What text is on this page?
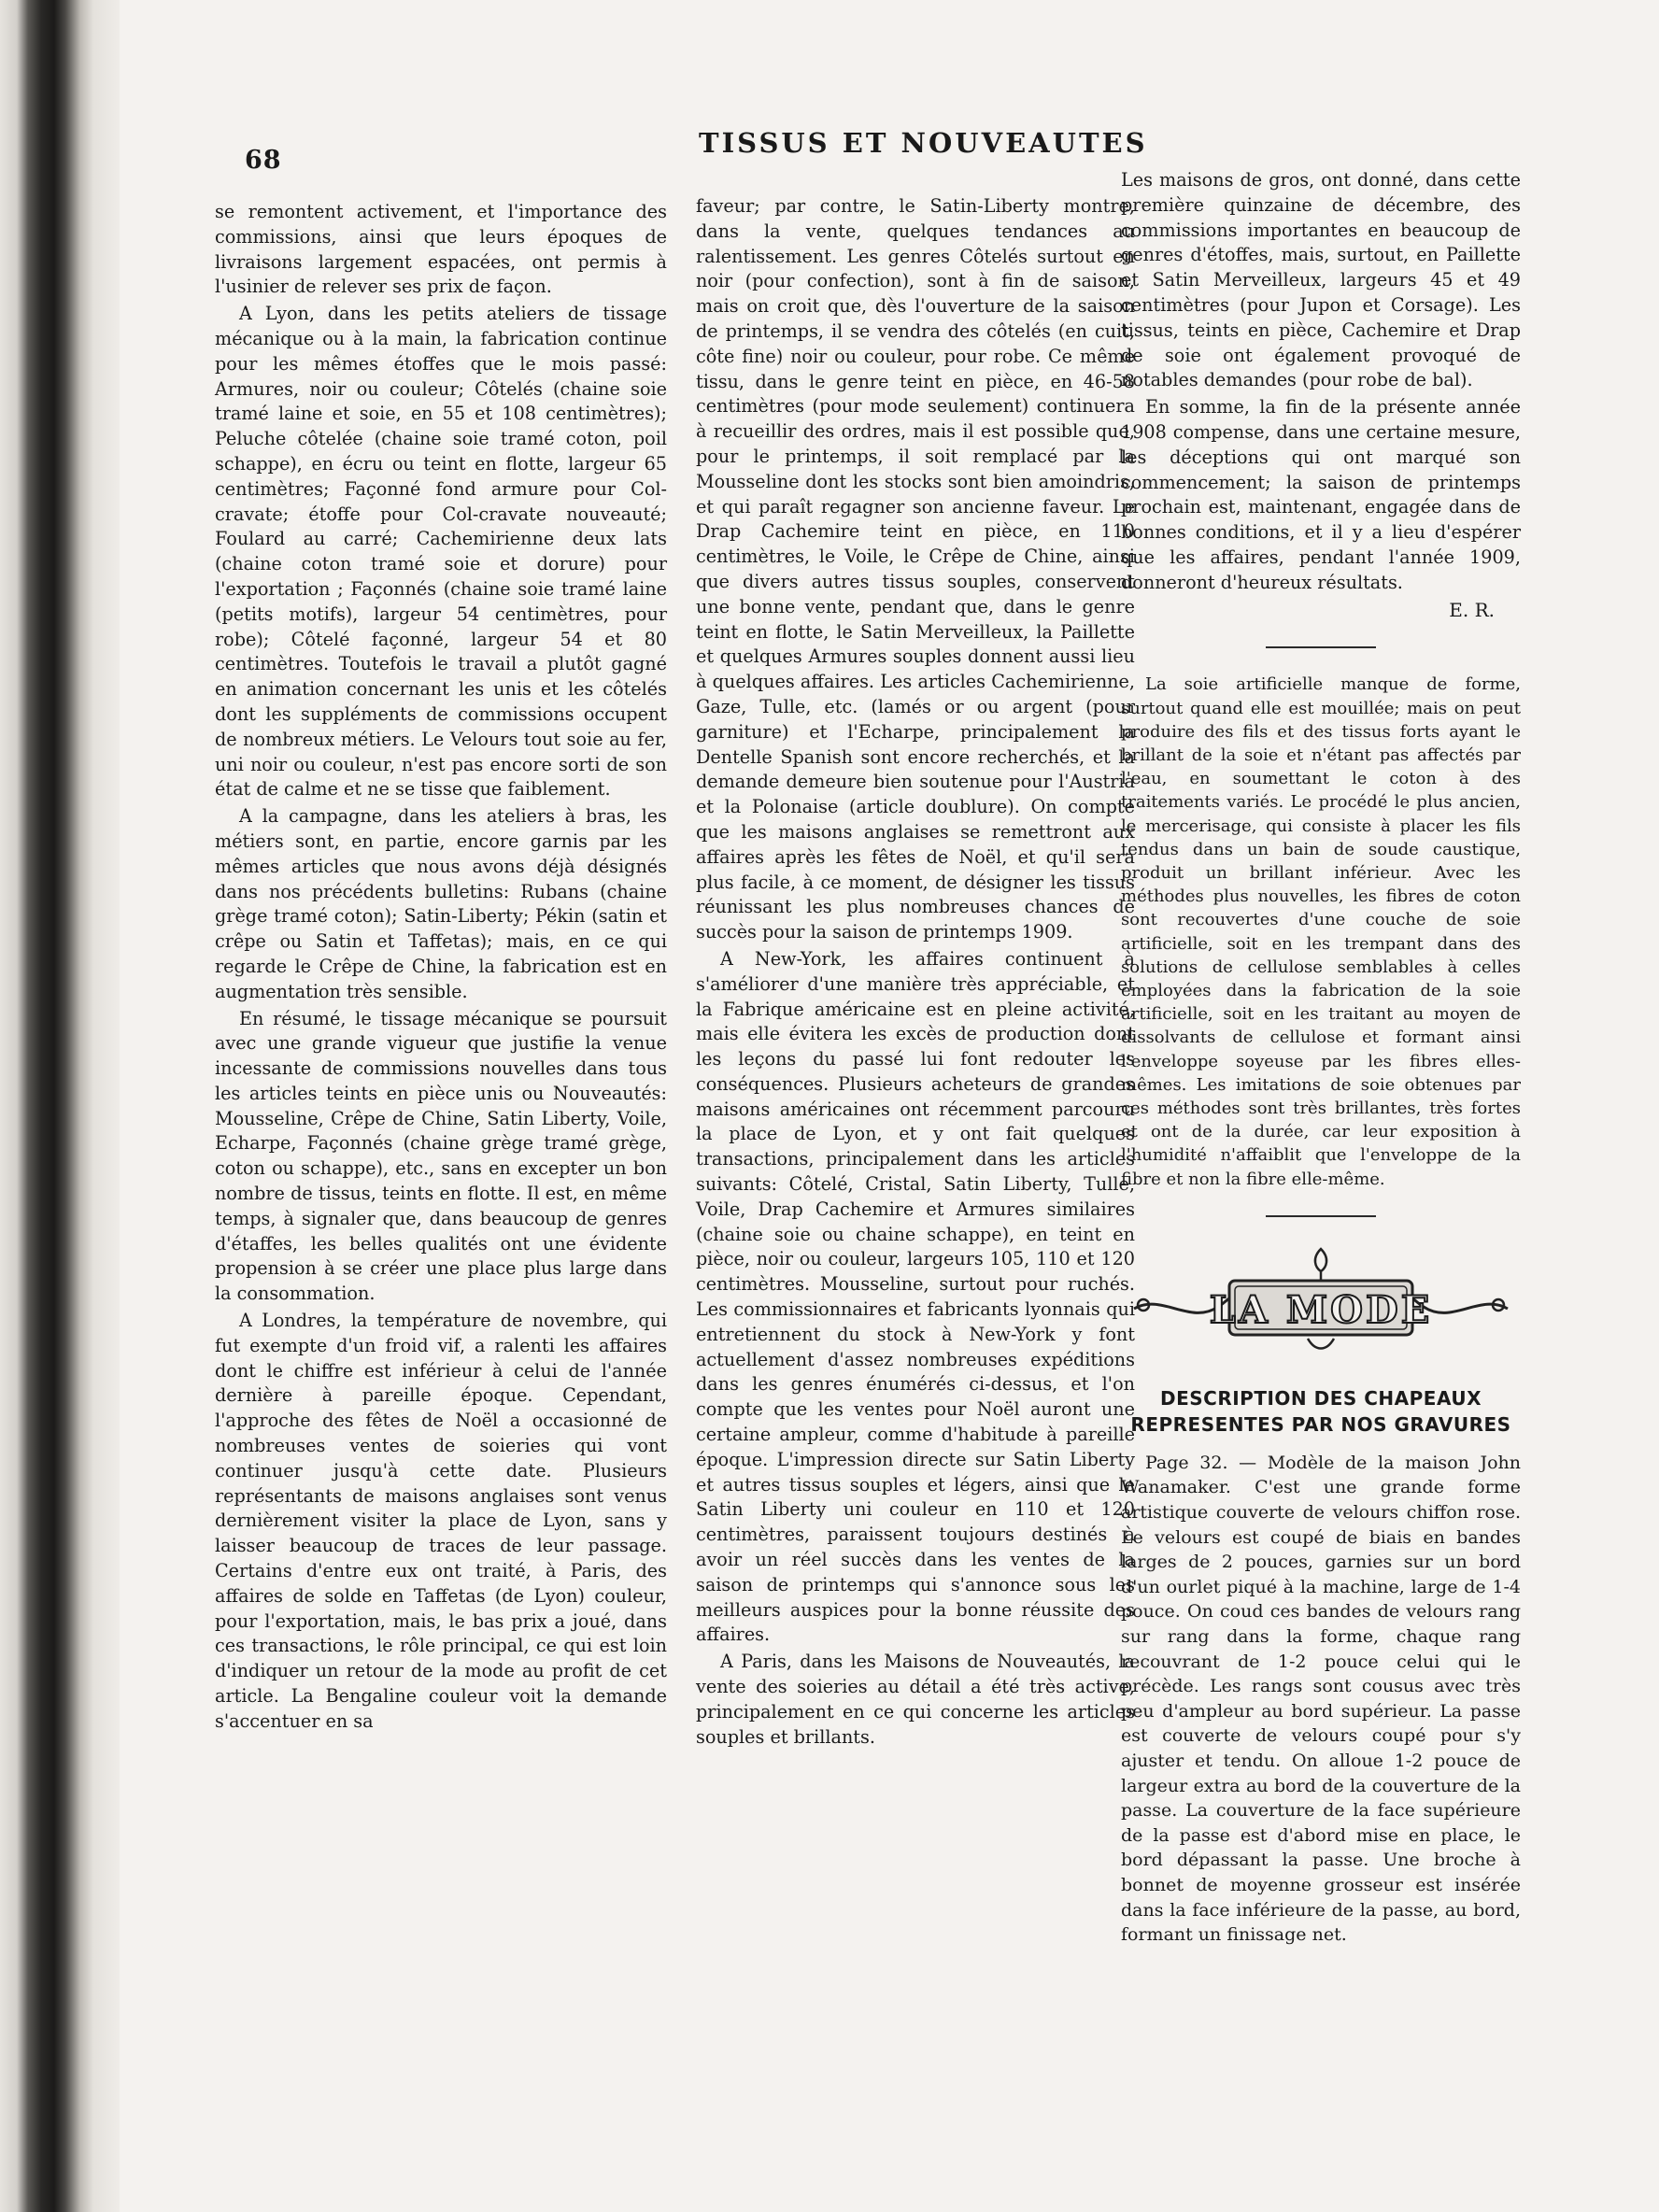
68
TISSUS ET NOUVEAUTES

se remontent activement, et l'importance des commissions, ainsi que leurs époques de livraisons largement espacées, ont permis à l'usinier de relever ses prix de façon.

A Lyon, dans les petits ateliers de tissage mécanique ou à la main, la fabrication continue pour les mêmes étoffes que le mois passé: Armures, noir ou couleur; Côtelés (chaine soie tramé laine et soie, en 55 et 108 centimètres); Peluche côtelée (chaine soie tramé coton, poil schappe), en écru ou teint en flotte, largeur 65 centimètres; Façonné fond armure pour Col-cravate; étoffe pour Col-cravate nouveauté; Foulard au carré; Cachemirienne deux lats (chaine coton tramé soie et dorure) pour l'exportation ; Façonnés (chaine soie tramé laine (petits motifs), largeur 54 centimètres, pour robe); Côtelé façonné, largeur 54 et 80 centimètres. Toutefois le travail a plutôt gagné en animation concernant les unis et les côtelés dont les suppléments de commissions occupent de nombreux métiers. Le Velours tout soie au fer, uni noir ou couleur, n'est pas encore sorti de son état de calme et ne se tisse que faiblement.

A la campagne, dans les ateliers à bras, les métiers sont, en partie, encore garnis par les mêmes articles que nous avons déjà désignés dans nos précédents bulletins: Rubans (chaine grège tramé coton); Satin-Liberty; Pékin (satin et crêpe ou Satin et Taffetas); mais, en ce qui regarde le Crêpe de Chine, la fabrication est en augmentation très sensible.

En résumé, le tissage mécanique se poursuit avec une grande vigueur que justifie la venue incessante de commissions nouvelles dans tous les articles teints en pièce unis ou Nouveautés: Mousseline, Crêpe de Chine, Satin Liberty, Voile, Echarpe, Façonnés (chaine grège tramé grège, coton ou schappe), etc., sans en excepter un bon nombre de tissus, teints en flotte. Il est, en même temps, à signaler que, dans beaucoup de genres d'étaffes, les belles qualités ont une évidente propension à se créer une place plus large dans la consommation.

A Londres, la température de novembre, qui fut exempte d'un froid vif, a ralenti les affaires dont le chiffre est inférieur à celui de l'année dernière à pareille époque. Cependant, l'approche des fêtes de Noël a occasionné de nombreuses ventes de soieries qui vont continuer jusqu'à cette date. Plusieurs représentants de maisons anglaises sont venus dernièrement visiter la place de Lyon, sans y laisser beaucoup de traces de leur passage. Certains d'entre eux ont traité, à Paris, des affaires de solde en Taffetas (de Lyon) couleur, pour l'exportation, mais, le bas prix a joué, dans ces transactions, le rôle principal, ce qui est loin d'indiquer un retour de la mode au profit de cet article. La Bengaline couleur voit la demande s'accentuer en sa

faveur; par contre, le Satin-Liberty montre, dans la vente, quelques tendances au ralentissement. Les genres Côtelés surtout en noir (pour confection), sont à fin de saison, mais on croit que, dès l'ouverture de la saison de printemps, il se vendra des côtelés (en cuit, côte fine) noir ou couleur, pour robe. Ce même tissu, dans le genre teint en pièce, en 46-58 centimètres (pour mode seulement) continuera à recueillir des ordres, mais il est possible que, pour le printemps, il soit remplacé par la Mousseline dont les stocks sont bien amoindris, et qui paraît regagner son ancienne faveur. Le Drap Cachemire teint en pièce, en 110 centimètres, le Voile, le Crêpe de Chine, ainsi que divers autres tissus souples, conservent une bonne vente, pendant que, dans le genre teint en flotte, le Satin Merveilleux, la Paillette et quelques Armures souples donnent aussi lieu à quelques affaires. Les articles Cachemirienne, Gaze, Tulle, etc. (lamés or ou argent (pour garniture) et l'Echarpe, principalement la Dentelle Spanish sont encore recherchés, et la demande demeure bien soutenue pour l'Austria et la Polonaise (article doublure). On compte que les maisons anglaises se remettront aux affaires après les fêtes de Noël, et qu'il sera plus facile, à ce moment, de désigner les tissus réunissant les plus nombreuses chances de succès pour la saison de printemps 1909.

A New-York, les affaires continuent à s'améliorer d'une manière très appréciable, et la Fabrique américaine est en pleine activité, mais elle évitera les excès de production dont les leçons du passé lui font redouter les conséquences. Plusieurs acheteurs de grandes maisons américaines ont récemment parcouru la place de Lyon, et y ont fait quelques transactions, principalement dans les articles suivants: Côtelé, Cristal, Satin Liberty, Tulle, Voile, Drap Cachemire et Armures similaires (chaine soie ou chaine schappe), en teint en pièce, noir ou couleur, largeurs 105, 110 et 120 centimètres. Mousseline, surtout pour ruchés. Les commissionnaires et fabricants lyonnais qui entretiennent du stock à New-York y font actuellement d'assez nombreuses expéditions dans les genres énumérés ci-dessus, et l'on compte que les ventes pour Noël auront une certaine ampleur, comme d'habitude à pareille époque. L'impression directe sur Satin Liberty et autres tissus souples et légers, ainsi que le Satin Liberty uni couleur en 110 et 120 centimètres, paraissent toujours destinés à avoir un réel succès dans les ventes de la saison de printemps qui s'annonce sous les meilleurs auspices pour la bonne réussite des affaires.

A Paris, dans les Maisons de Nouveautés, la vente des soieries au détail a été très active, principalement en ce qui concerne les articles souples et brillants.

Les maisons de gros, ont donné, dans cette première quinzaine de décembre, des commissions importantes en beaucoup de genres d'étoffes, mais, surtout, en Paillette et Satin Merveilleux, largeurs 45 et 49 centimètres (pour Jupon et Corsage). Les tissus, teints en pièce, Cachemire et Drap de soie ont également provoqué de notables demandes (pour robe de bal).

En somme, la fin de la présente année 1908 compense, dans une certaine mesure, les déceptions qui ont marqué son commencement; la saison de printemps prochain est, maintenant, engagée dans de bonnes conditions, et il y a lieu d'espérer que les affaires, pendant l'année 1909, donneront d'heureux résultats.

E. R.

La soie artificielle manque de forme, surtout quand elle est mouillée; mais on peut produire des fils et des tissus forts ayant le brillant de la soie et n'étant pas affectés par l'eau, en soumettant le coton à des traitements variés. Le procédé le plus ancien, le mercerisage, qui consiste à placer les fils tendus dans un bain de soude caustique, produit un brillant inférieur. Avec les méthodes plus nouvelles, les fibres de coton sont recouvertes d'une couche de soie artificielle, soit en les trempant dans des solutions de cellulose semblables à celles employées dans la fabrication de la soie artificielle, soit en les traitant au moyen de dissolvants de cellulose et formant ainsi l'enveloppe soyeuse par les fibres elles-mêmes. Les imitations de soie obtenues par ces méthodes sont très brillantes, très fortes et ont de la durée, car leur exposition à l'humidité n'affaiblit que l'enveloppe de la fibre et non la fibre elle-même.

LA MODE
DESCRIPTION DES CHAPEAUX REPRESENTES PAR NOS GRAVURES

Page 32. — Modèle de la maison John Wanamaker. C'est une grande forme artistique couverte de velours chiffon rose. Le velours est coupé de biais en bandes larges de 2 pouces, garnies sur un bord d'un ourlet piqué à la machine, large de 1-4 pouce. On coud ces bandes de velours rang sur rang dans la forme, chaque rang recouvrant de 1-2 pouce celui qui le précède. Les rangs sont cousus avec très peu d'ampleur au bord supérieur. La passe est couverte de velours coupé pour s'y ajuster et tendu. On alloue 1-2 pouce de largeur extra au bord de la couverture de la passe. La couverture de la face supérieure de la passe est d'abord mise en place, le bord dépassant la passe. Une broche à bonnet de moyenne grosseur est insérée dans la face inférieure de la passe, au bord, formant un finissage net.
